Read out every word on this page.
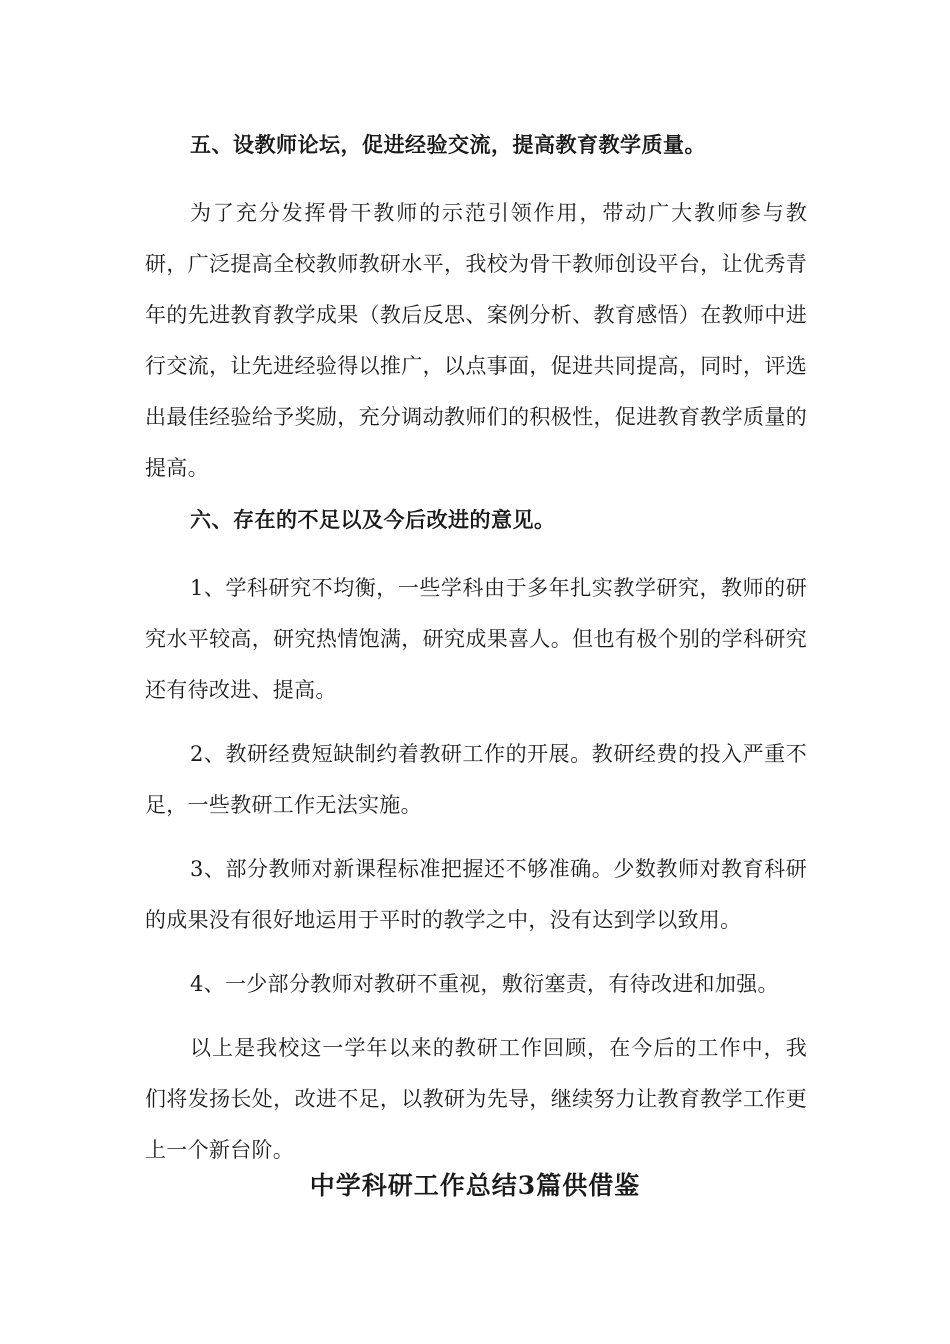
五、设教师论坛，促进经验交流，提高教育教学质量。

为了充分发挥骨干教师的示范引领作用，带动广大教师参与教研，广泛提高全校教师教研水平，我校为骨干教师创设平台，让优秀青年的先进教育教学成果（教后反思、案例分析、教育感悟）在教师中进行交流，让先进经验得以推广，以点事面，促进共同提高，同时，评选出最佳经验给予奖励，充分调动教师们的积极性，促进教育教学质量的提高。

六、存在的不足以及今后改进的意见。

1、学科研究不均衡，一些学科由于多年扎实教学研究，教师的研究水平较高，研究热情饱满，研究成果喜人。但也有极个别的学科研究还有待改进、提高。

2、教研经费短缺制约着教研工作的开展。教研经费的投入严重不足，一些教研工作无法实施。

3、部分教师对新课程标准把握还不够准确。少数教师对教育科研的成果没有很好地运用于平时的教学之中，没有达到学以致用。

4、一少部分教师对教研不重视，敷衍塞责，有待改进和加强。

以上是我校这一学年以来的教研工作回顾，在今后的工作中，我们将发扬长处，改进不足，以教研为先导，继续努力让教育教学工作更上一个新台阶。

中学科研工作总结3篇供借鉴
